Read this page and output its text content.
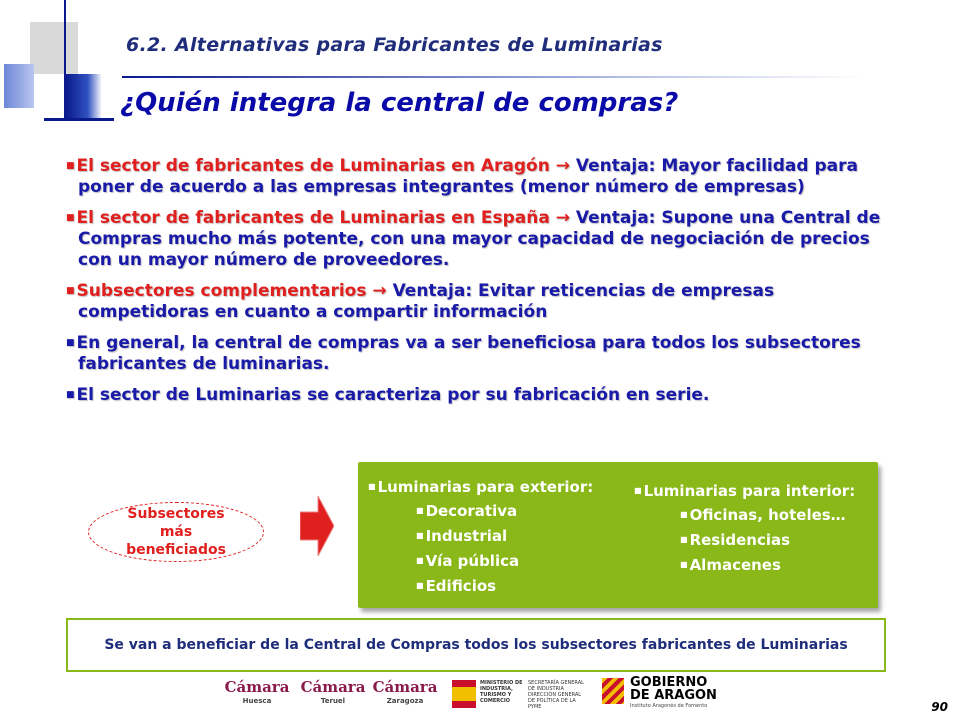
6.2. Alternativas para Fabricantes de Luminarias
¿Quién integra la central de compras?
■ El sector de fabricantes de Luminarias en Aragón → Ventaja: Mayor facilidad para poner de acuerdo a las empresas integrantes (menor número de empresas)
■ El sector de fabricantes de Luminarias en España → Ventaja: Supone una Central de Compras mucho más potente, con una mayor capacidad de negociación de precios con un mayor número de proveedores.
■ Subsectores complementarios → Ventaja: Evitar reticencias de empresas competidoras en cuanto a compartir información
■ En general, la central de compras va a ser beneficiosa para todos los subsectores fabricantes de luminarias.
■ El sector de Luminarias se caracteriza por su fabricación en serie.
Subsectores más beneficiados
■ Luminarias para exterior:
■ Decorativa
■ Industrial
■ Vía pública
■ Edificios
■ Luminarias para interior:
■ Oficinas, hoteles…
■ Residencias
■ Almacenes
Se van a beneficiar de la Central de Compras todos los subsectores fabricantes de Luminarias
Cámara
Huesca
Cámara
Teruel
Cámara
Zaragoza
MINISTERIO DE INDUSTRIA, TURISMO Y COMERCIO
SECRETARÍA GENERAL DE INDUSTRIA
DIRECCIÓN GENERAL DE POLÍTICA DE LA PYME
GOBIERNO
DE ARAGON
Instituto Aragonés de Fomento	90
